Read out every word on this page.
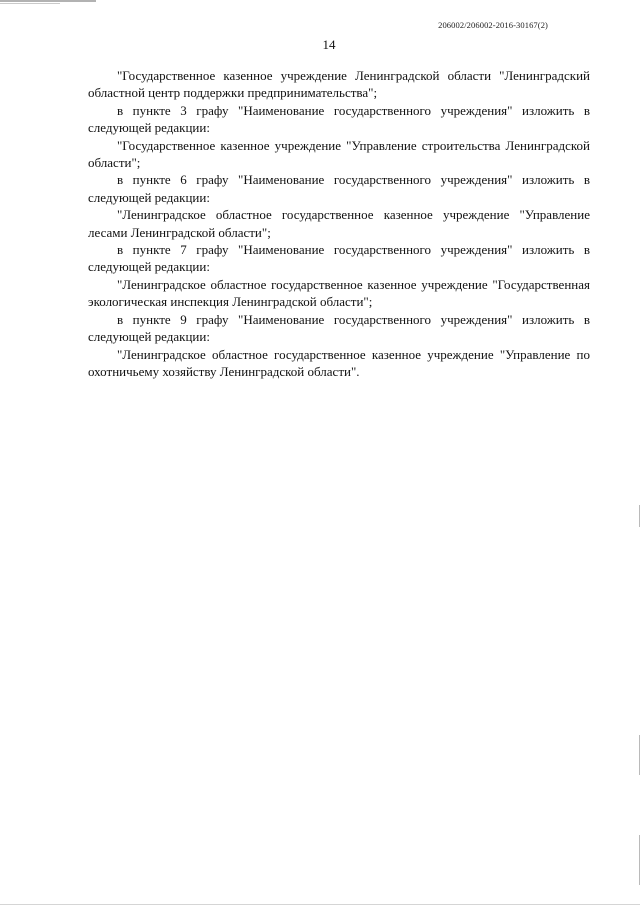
206002/206002-2016-30167(2)
14

"Государственное казенное учреждение Ленинградской области "Ленинградский областной центр поддержки предпринимательства";

в пункте 3 графу "Наименование государственного учреждения" изложить в следующей редакции:

"Государственное казенное учреждение "Управление строительства Ленинградской области";

в пункте 6 графу "Наименование государственного учреждения" изложить в следующей редакции:

"Ленинградское областное государственное казенное учреждение "Управление лесами Ленинградской области";

в пункте 7 графу "Наименование государственного учреждения" изложить в следующей редакции:

"Ленинградское областное государственное казенное учреждение "Государственная экологическая инспекция Ленинградской области";

в пункте 9 графу "Наименование государственного учреждения" изложить в следующей редакции:

"Ленинградское областное государственное казенное учреждение "Управление по охотничьему хозяйству Ленинградской области".
